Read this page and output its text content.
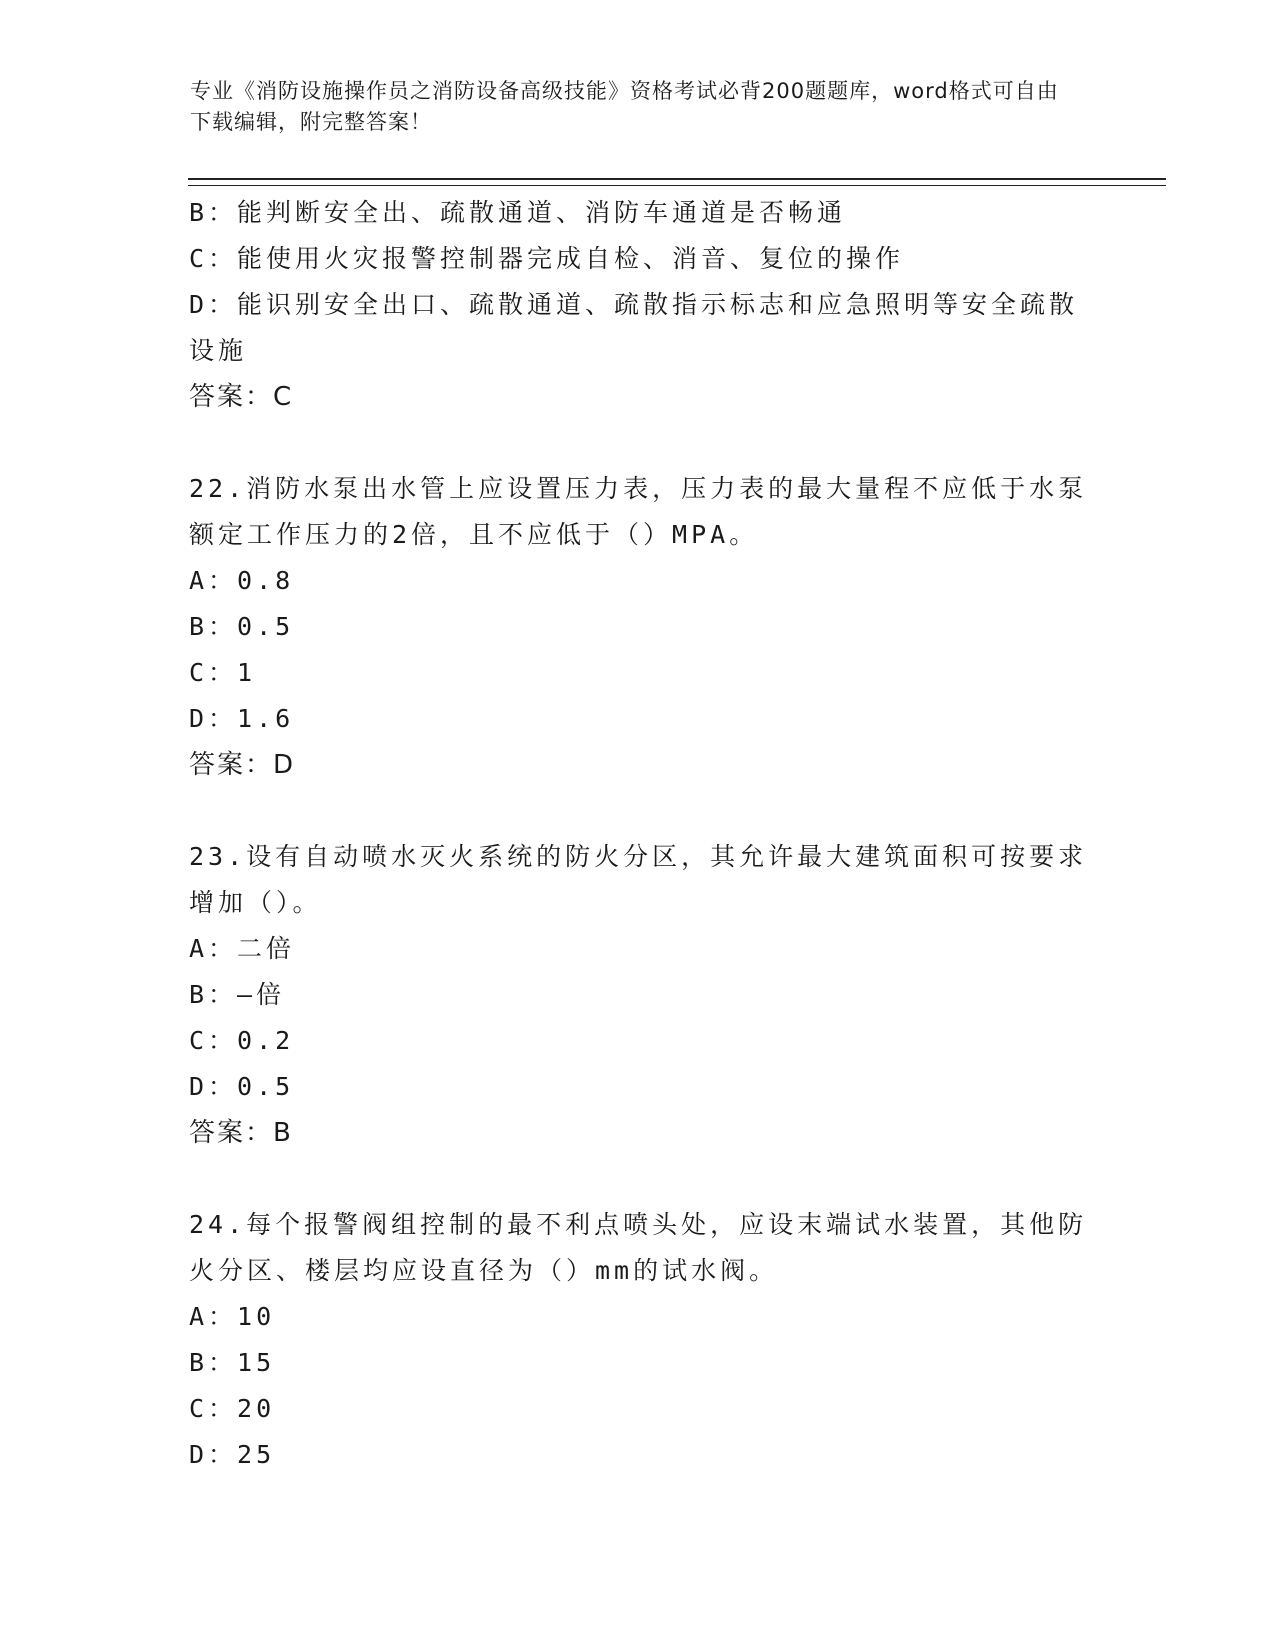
专业《消防设施操作员之消防设备高级技能》资格考试必背200题题库，word格式可自由下载编辑，附完整答案！
B：能判断安全出、疏散通道、消防车通道是否畅通
C：能使用火灾报警控制器完成自检、消音、复位的操作
D：能识别安全出口、疏散通道、疏散指示标志和应急照明等安全疏散设施
答案：C
22.消防水泵出水管上应设置压力表，压力表的最大量程不应低于水泵额定工作压力的2倍，且不应低于（）MPA。
A：0.8
B：0.5
C：1
D：1.6
答案：D
23.设有自动喷水灭火系统的防火分区，其允许最大建筑面积可按要求增加（）。
A：二倍
B：—倍
C：0.2
D：0.5
答案：B
24.每个报警阀组控制的最不利点喷头处，应设末端试水装置，其他防火分区、楼层均应设直径为（）mm的试水阀。
A：10
B：15
C：20
D：25
